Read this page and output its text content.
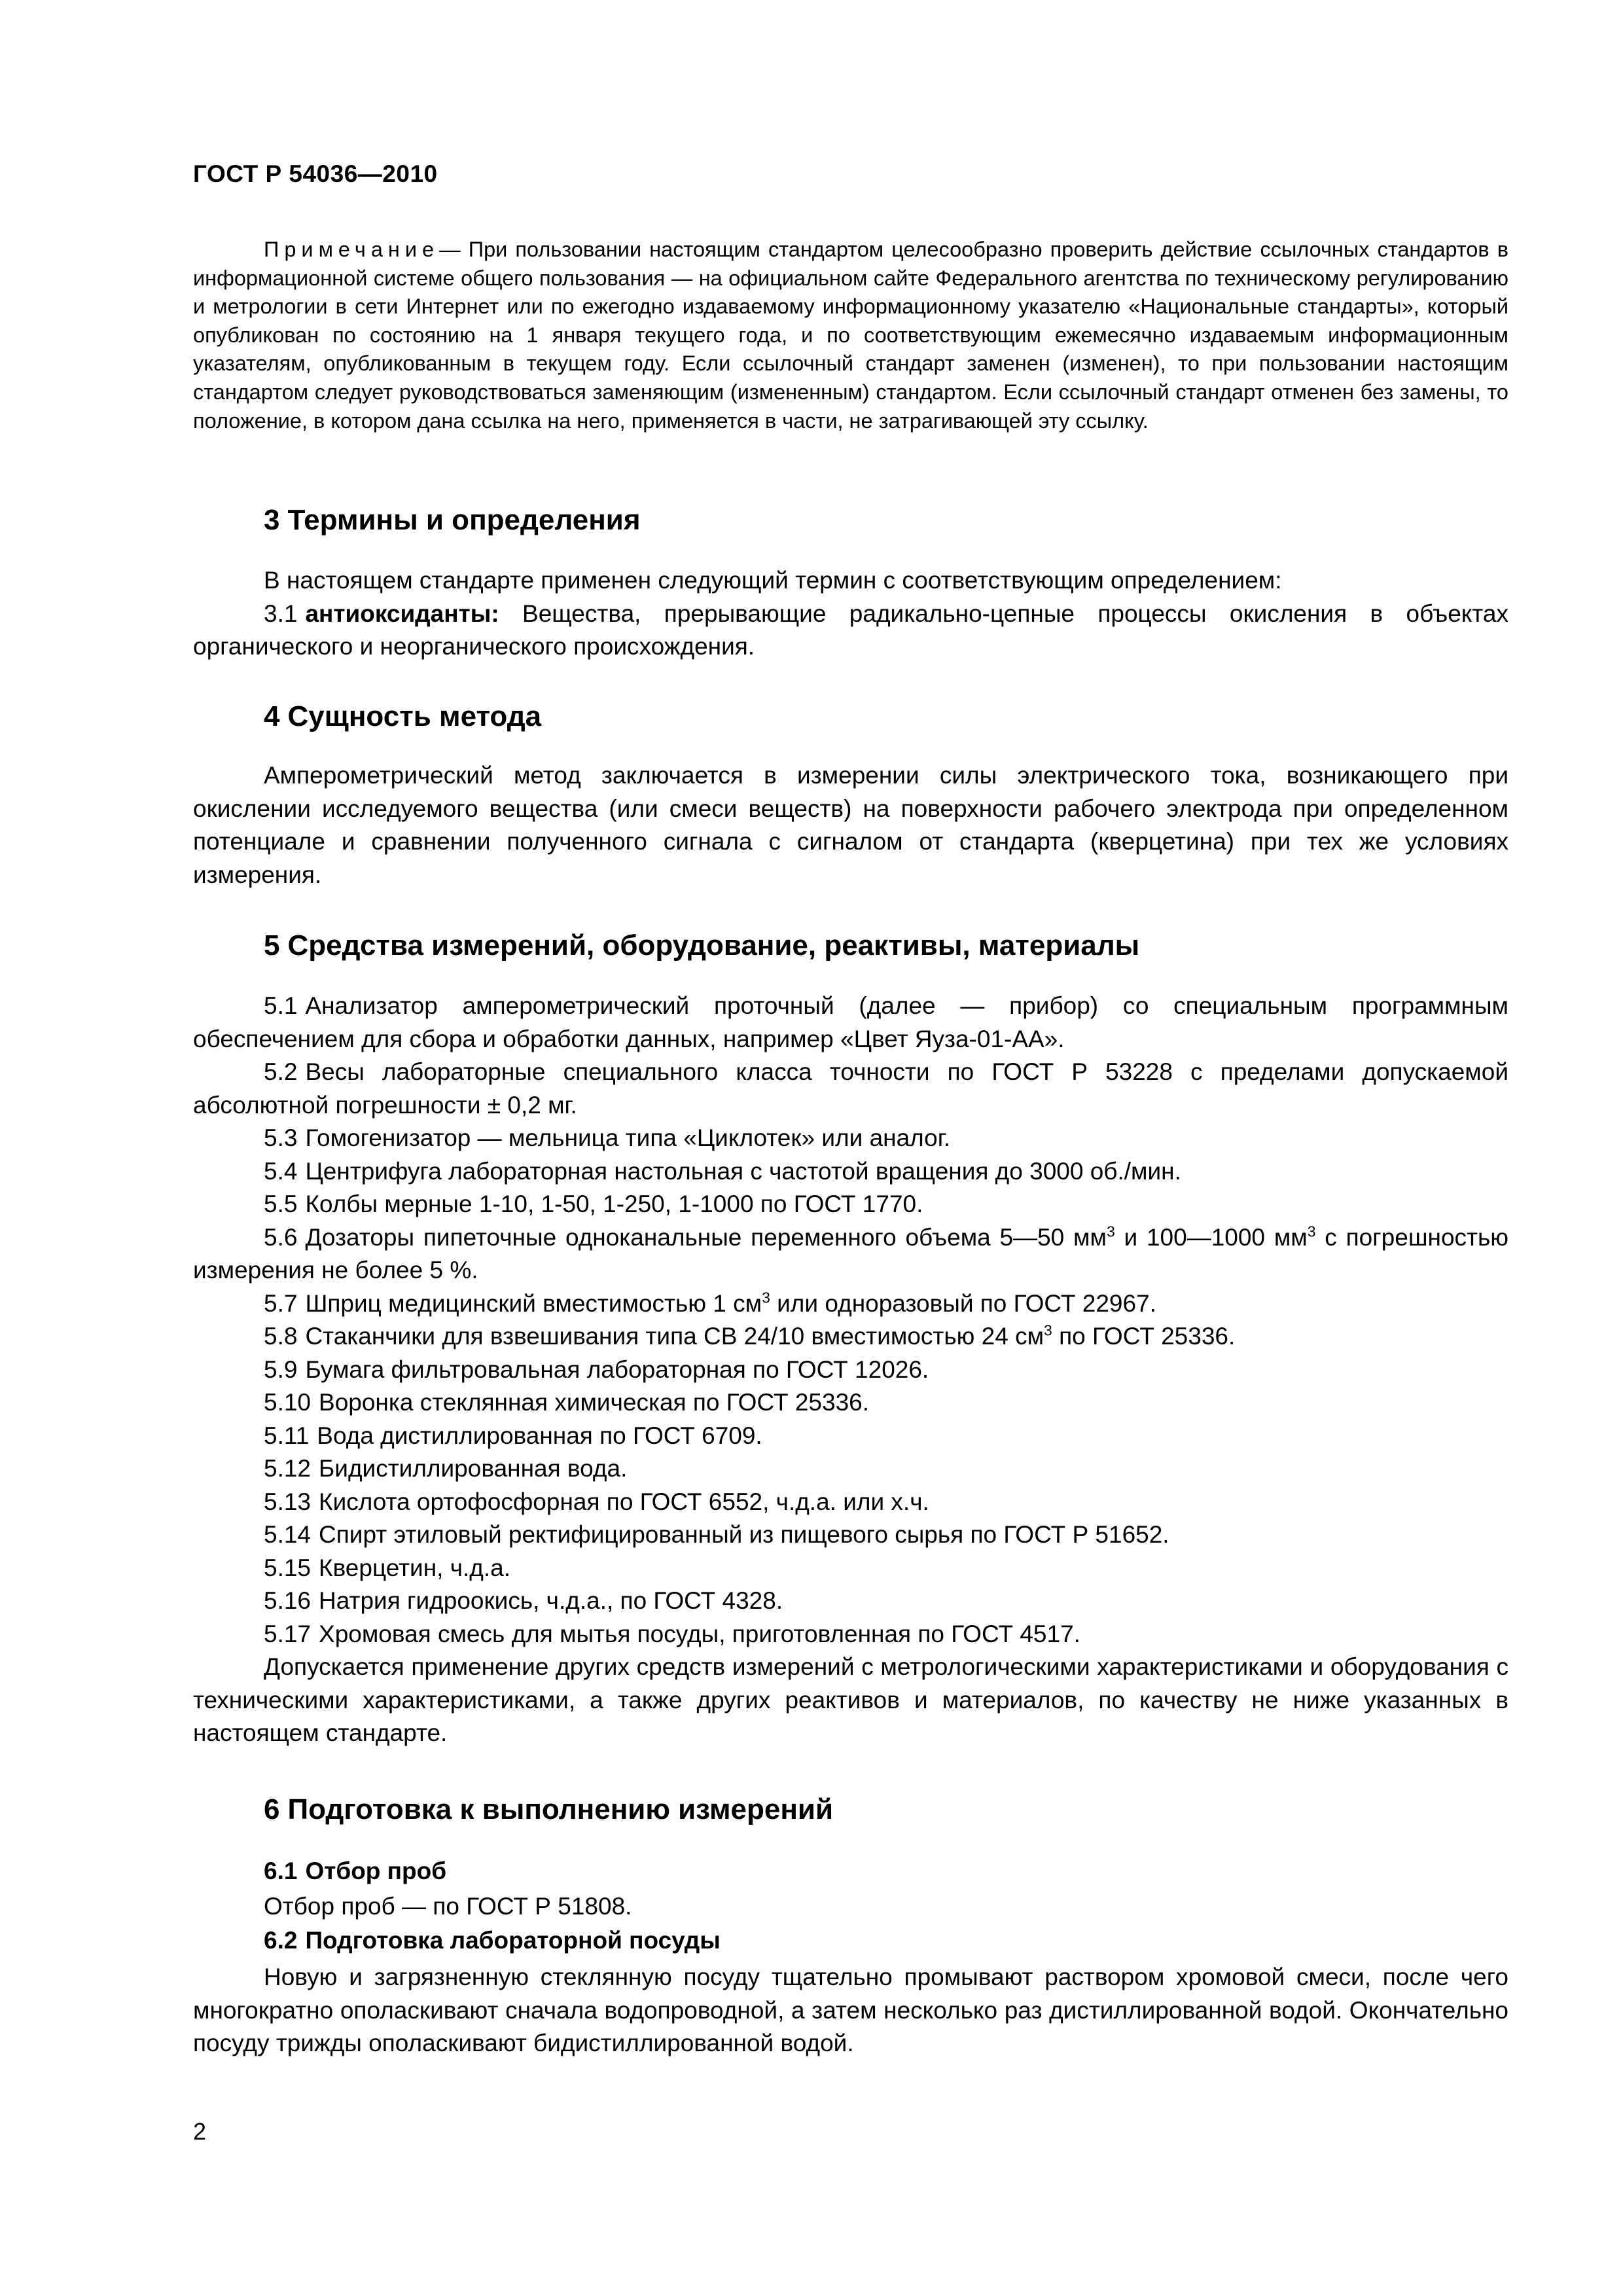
ГОСТ Р 54036—2010

Примечание— При пользовании настоящим стандартом целесообразно проверить действие ссылочных стандартов в информационной системе общего пользования — на официальном сайте Федерального агентства по техническому регулированию и метрологии в сети Интернет или по ежегодно издаваемому информационному указателю «Национальные стандарты», который опубликован по состоянию на 1 января текущего года, и по соответствующим ежемесячно издаваемым информационным указателям, опубликованным в текущем году. Если ссылочный стандарт заменен (изменен), то при пользовании настоящим стандартом следует руководствоваться заменяющим (измененным) стандартом. Если ссылочный стандарт отменен без замены, то положение, в котором дана ссылка на него, применяется в части, не затрагивающей эту ссылку.

3 Термины и определения

В настоящем стандарте применен следующий термин с соответствующим определением:

3.1 антиоксиданты: Вещества, прерывающие радикально-цепные процессы окисления в объектах органического и неорганического происхождения.

4 Сущность метода

Амперометрический метод заключается в измерении силы электрического тока, возникающего при окислении исследуемого вещества (или смеси веществ) на поверхности рабочего электрода при определенном потенциале и сравнении полученного сигнала с сигналом от стандарта (кверцетина) при тех же условиях измерения.

5 Средства измерений, оборудование, реактивы, материалы

5.1 Анализатор амперометрический проточный (далее — прибор) со специальным программным обеспечением для сбора и обработки данных, например «Цвет Яуза-01-АА».

5.2 Весы лабораторные специального класса точности по ГОСТ Р 53228 с пределами допускаемой абсолютной погрешности ± 0,2 мг.

5.3 Гомогенизатор — мельница типа «Циклотек» или аналог.

5.4 Центрифуга лабораторная настольная с частотой вращения до 3000 об./мин.

5.5 Колбы мерные 1-10, 1-50, 1-250, 1-1000 по ГОСТ 1770.

5.6 Дозаторы пипеточные одноканальные переменного объема 5—50 $мм^3$ и 100—1000 $мм^3$ с погрешностью измерения не более 5 %.

5.7 Шприц медицинский вместимостью 1 $см^3$ или одноразовый по ГОСТ 22967.

5.8 Стаканчики для взвешивания типа СВ 24/10 вместимостью 24 $см^3$ по ГОСТ 25336.

5.9 Бумага фильтровальная лабораторная по ГОСТ 12026.

5.10 Воронка стеклянная химическая по ГОСТ 25336.

5.11 Вода дистиллированная по ГОСТ 6709.

5.12 Бидистиллированная вода.

5.13 Кислота ортофосфорная по ГОСТ 6552, ч.д.а. или х.ч.

5.14 Спирт этиловый ректифицированный из пищевого сырья по ГОСТ Р 51652.

5.15 Кверцетин, ч.д.а.

5.16 Натрия гидроокись, ч.д.а., по ГОСТ 4328.

5.17 Хромовая смесь для мытья посуды, приготовленная по ГОСТ 4517.

Допускается применение других средств измерений с метрологическими характеристиками и оборудования с техническими характеристиками, а также других реактивов и материалов, по качеству не ниже указанных в настоящем стандарте.

6 Подготовка к выполнению измерений
6.1 Отбор проб

Отбор проб — по ГОСТ Р 51808.

6.2 Подготовка лабораторной посуды

Новую и загрязненную стеклянную посуду тщательно промывают раствором хромовой смеси, после чего многократно ополаскивают сначала водопроводной, а затем несколько раз дистиллированной водой. Окончательно посуду трижды ополаскивают бидистиллированной водой.

2
